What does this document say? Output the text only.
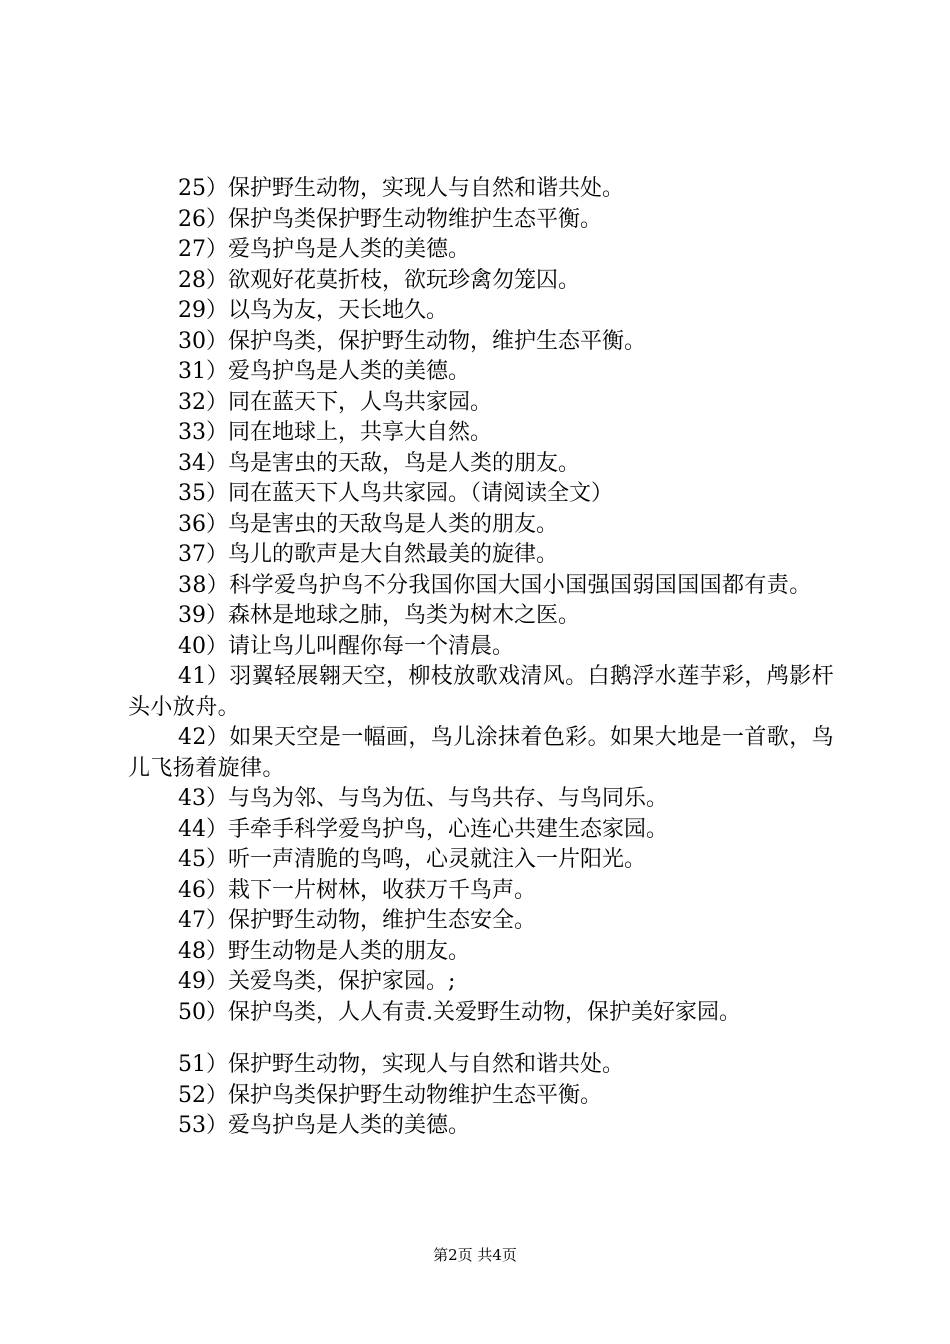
25）保护野生动物，实现人与自然和谐共处。
26）保护鸟类保护野生动物维护生态平衡。
27）爱鸟护鸟是人类的美德。
28）欲观好花莫折枝，欲玩珍禽勿笼囚。
29）以鸟为友，天长地久。
30）保护鸟类，保护野生动物，维护生态平衡。
31）爱鸟护鸟是人类的美德。
32）同在蓝天下，人鸟共家园。
33）同在地球上，共享大自然。
34）鸟是害虫的天敌，鸟是人类的朋友。
35）同在蓝天下人鸟共家园。（请阅读全文）
36）鸟是害虫的天敌鸟是人类的朋友。
37）鸟儿的歌声是大自然最美的旋律。

38）科学爱鸟护鸟不分我国你国大国小国强国弱国国国都有责。

39）森林是地球之肺，鸟类为树木之医。
40）请让鸟儿叫醒你每一个清晨。

41）羽翼轻展翱天空，柳枝放歌戏清风。白鹅浮水莲芋彩，鸬影杆头小放舟。

42）如果天空是一幅画，鸟儿涂抹着色彩。如果大地是一首歌，鸟儿飞扬着旋律。

43）与鸟为邻、与鸟为伍、与鸟共存、与鸟同乐。
44）手牵手科学爱鸟护鸟，心连心共建生态家园。
45）听一声清脆的鸟鸣，心灵就注入一片阳光。
46）栽下一片树林，收获万千鸟声。
47）保护野生动物，维护生态安全。
48）野生动物是人类的朋友。
49）关爱鸟类，保护家园。;
50）保护鸟类，人人有责.关爱野生动物，保护美好家园。
51）保护野生动物，实现人与自然和谐共处。
52）保护鸟类保护野生动物维护生态平衡。
53）爱鸟护鸟是人类的美德。
第2页 共4页
